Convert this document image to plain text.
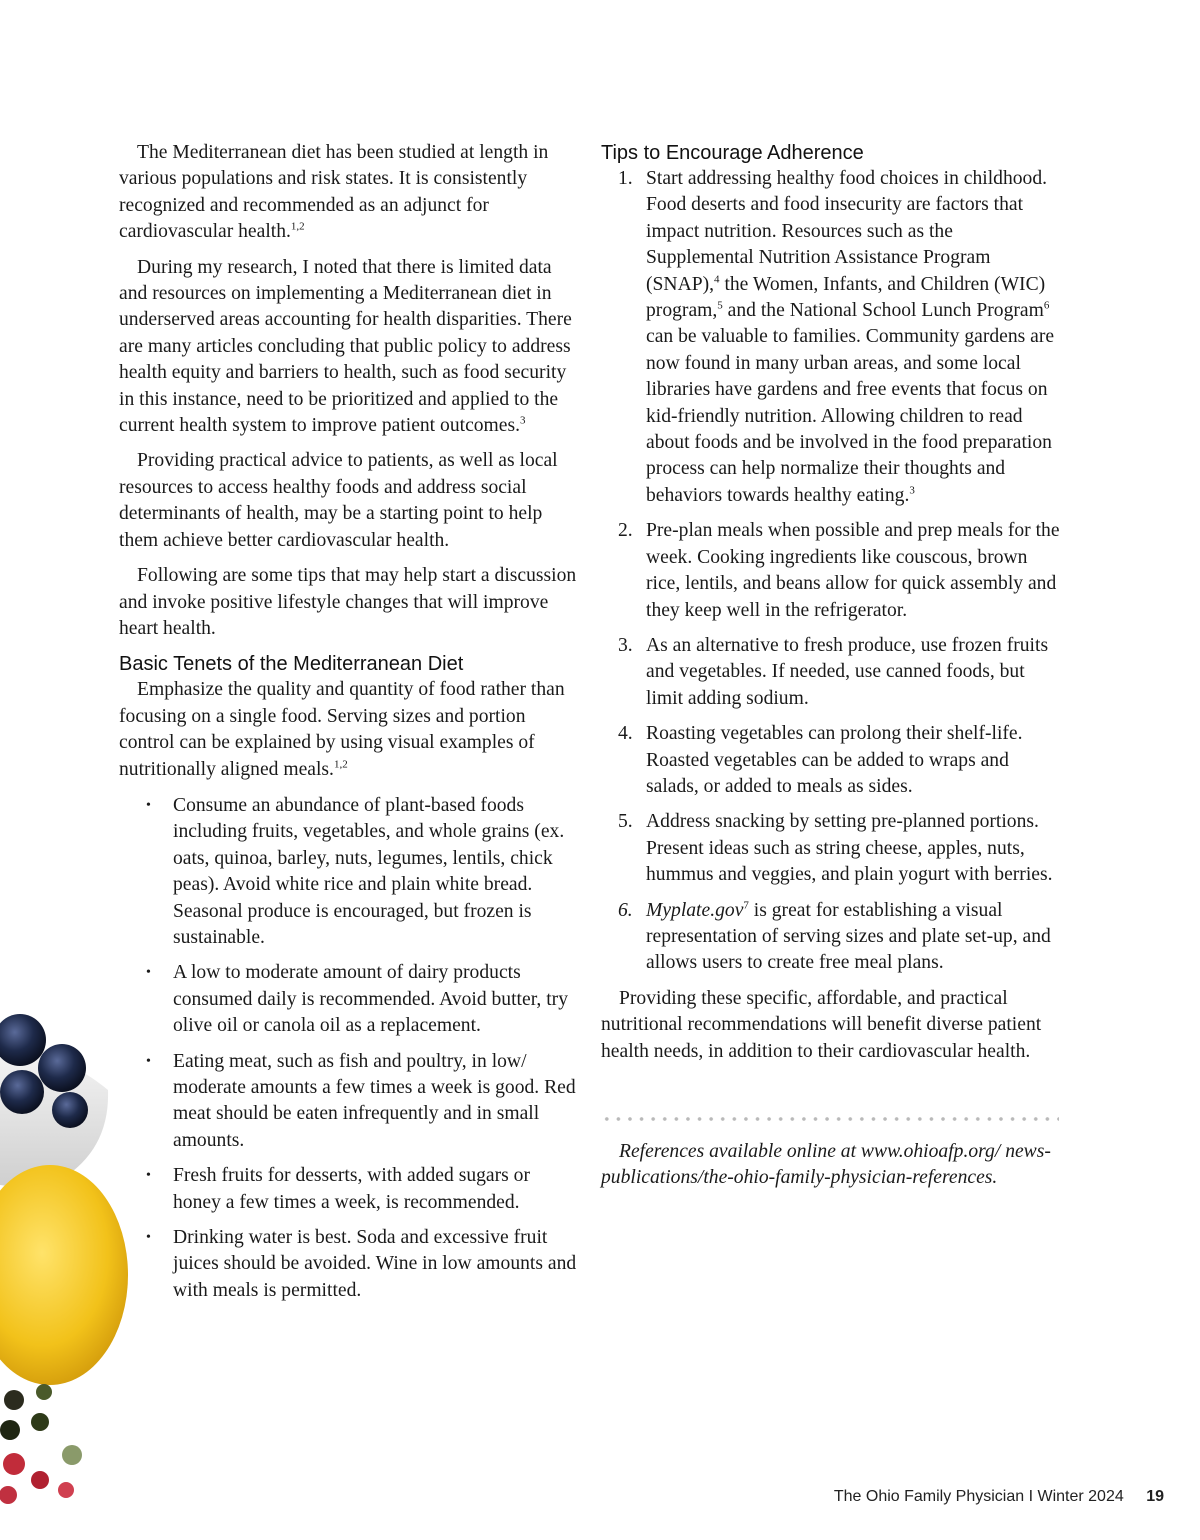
The Mediterranean diet has been studied at length in various populations and risk states. It is consistently recognized and recommended as an adjunct for cardiovascular health.$^{1,2}$

During my research, I noted that there is limited data and resources on implementing a Mediterranean diet in underserved areas accounting for health disparities. There are many articles concluding that public policy to address health equity and barriers to health, such as food security in this instance, need to be prioritized and applied to the current health system to improve patient outcomes.$^3$

Providing practical advice to patients, as well as local resources to access healthy foods and address social determinants of health, may be a starting point to help them achieve better cardiovascular health.

Following are some tips that may help start a discussion and invoke positive lifestyle changes that will improve heart health.

Basic Tenets of the Mediterranean Diet

Emphasize the quality and quantity of food rather than focusing on a single food. Serving sizes and portion control can be explained by using visual examples of nutritionally aligned meals.$^{1,2}$

• Consume an abundance of plant-based foods including fruits, vegetables, and whole grains (ex. oats, quinoa, barley, nuts, legumes, lentils, chick peas). Avoid white rice and plain white bread. Seasonal produce is encouraged, but frozen is sustainable.
• A low to moderate amount of dairy products consumed daily is recommended. Avoid butter, try olive oil or canola oil as a replacement.
• Eating meat, such as fish and poultry, in low/ moderate amounts a few times a week is good. Red meat should be eaten infrequently and in small amounts.
• Fresh fruits for desserts, with added sugars or honey a few times a week, is recommended.
• Drinking water is best. Soda and excessive fruit juices should be avoided. Wine in low amounts and with meals is permitted.
Tips to Encourage Adherence
1. Start addressing healthy food choices in childhood. Food deserts and food insecurity are factors that impact nutrition. Resources such as the Supplemental Nutrition Assistance Program (SNAP),$^4$ the Women, Infants, and Children (WIC) program,$^5$ and the National School Lunch Program$^6$ can be valuable to families. Community gardens are now found in many urban areas, and some local libraries have gardens and free events that focus on kid-friendly nutrition. Allowing children to read about foods and be involved in the food preparation process can help normalize their thoughts and behaviors towards healthy eating.$^3$
2. Pre-plan meals when possible and prep meals for the week. Cooking ingredients like couscous, brown rice, lentils, and beans allow for quick assembly and they keep well in the refrigerator.
3. As an alternative to fresh produce, use frozen fruits and vegetables. If needed, use canned foods, but limit adding sodium.
4. Roasting vegetables can prolong their shelf-life. Roasted vegetables can be added to wraps and salads, or added to meals as sides.
5. Address snacking by setting pre-planned portions. Present ideas such as string cheese, apples, nuts, hummus and veggies, and plain yogurt with berries.
6. Myplate.gov$^7$ is great for establishing a visual representation of serving sizes and plate set-up, and allows users to create free meal plans.

Providing these specific, affordable, and practical nutritional recommendations will benefit diverse patient health needs, in addition to their cardiovascular health.

References available online at www.ohioafp.org/ news-publications/the-ohio-family-physician-references.

The Ohio Family Physician I Winter 2024 19
